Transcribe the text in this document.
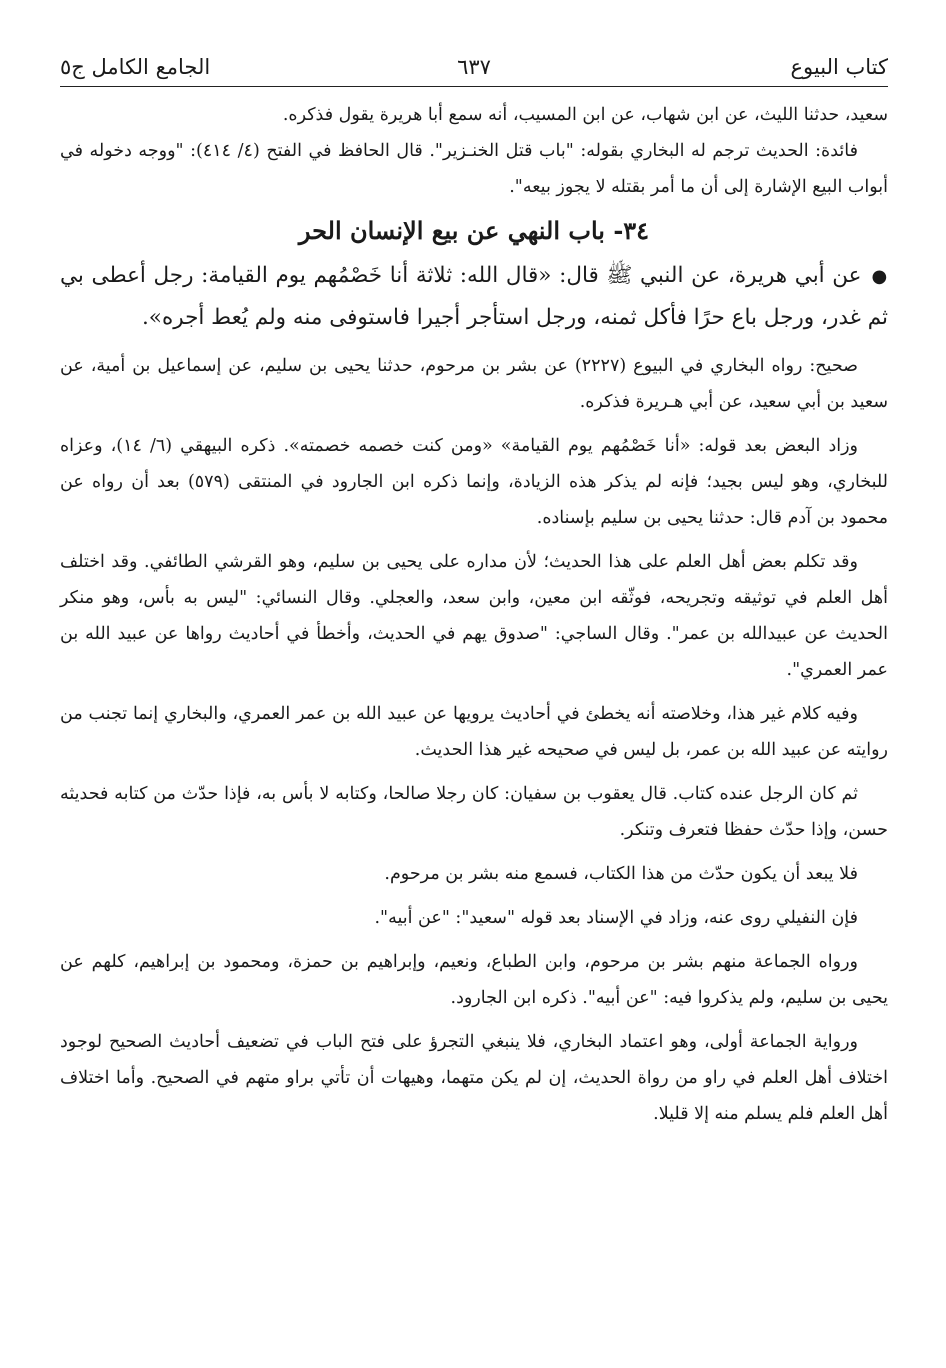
كتاب البيوع
٦٣٧
الجامع الكامل ج٥

سعيد، حدثنا الليث، عن ابن شهاب، عن ابن المسيب، أنه سمع أبا هريرة يقول فذكره.

فائدة: الحديث ترجم له البخاري بقوله: "باب قتل الخنـزير". قال الحافظ في الفتح (٤/ ٤١٤): "ووجه دخوله في أبواب البيع الإشارة إلى أن ما أمر بقتله لا يجوز بيعه".

٣٤- باب النهي عن بيع الإنسان الحر

●عن أبي هريرة، عن النبي ﷺ قال: «قال الله: ثلاثة أنا خَصْمُهم يوم القيامة: رجل أعطى بي ثم غدر، ورجل باع حرًا فأكل ثمنه، ورجل استأجر أجيرا فاستوفى منه ولم يُعط أجره».

صحيح: رواه البخاري في البيوع (٢٢٢٧) عن بشر بن مرحوم، حدثنا يحيى بن سليم، عن إسماعيل بن أمية، عن سعيد بن أبي سعيد، عن أبي هـريرة فذكره.

وزاد البعض بعد قوله: «أنا خَصْمُهم يوم القيامة» «ومن كنت خصمه خصمته». ذكره البيهقي (٦/ ١٤)، وعزاه للبخاري، وهو ليس بجيد؛ فإنه لم يذكر هذه الزيادة، وإنما ذكره ابن الجارود في المنتقى (٥٧٩) بعد أن رواه عن محمود بن آدم قال: حدثنا يحيى بن سليم بإسناده.

وقد تكلم بعض أهل العلم على هذا الحديث؛ لأن مداره على يحيى بن سليم، وهو القرشي الطائفي. وقد اختلف أهل العلم في توثيقه وتجريحه، فوثّقه ابن معين، وابن سعد، والعجلي. وقال النسائي: "ليس به بأس، وهو منكر الحديث عن عبيدالله بن عمر". وقال الساجي: "صدوق يهم في الحديث، وأخطأ في أحاديث رواها عن عبيد الله بن عمر العمري".

وفيه كلام غير هذا، وخلاصته أنه يخطئ في أحاديث يرويها عن عبيد الله بن عمر العمري، والبخاري إنما تجنب من روايته عن عبيد الله بن عمر، بل ليس في صحيحه غير هذا الحديث.

ثم كان الرجل عنده كتاب. قال يعقوب بن سفيان: كان رجلا صالحا، وكتابه لا بأس به، فإذا حدّث من كتابه فحديثه حسن، وإذا حدّث حفظا فتعرف وتنكر.

فلا يبعد أن يكون حدّث من هذا الكتاب، فسمع منه بشر بن مرحوم.

فإن النفيلي روى عنه، وزاد في الإسناد بعد قوله "سعيد": "عن أبيه".

ورواه الجماعة منهم بشر بن مرحوم، وابن الطباع، ونعيم، وإبراهيم بن حمزة، ومحمود بن إبراهيم، كلهم عن يحيى بن سليم، ولم يذكروا فيه: "عن أبيه". ذكره ابن الجارود.

ورواية الجماعة أولى، وهو اعتماد البخاري، فلا ينبغي التجرؤ على فتح الباب في تضعيف أحاديث الصحيح لوجود اختلاف أهل العلم في راو من رواة الحديث، إن لم يكن متهما، وهيهات أن تأتي براو متهم في الصحيح. وأما اختلاف أهل العلم فلم يسلم منه إلا قليلا.
